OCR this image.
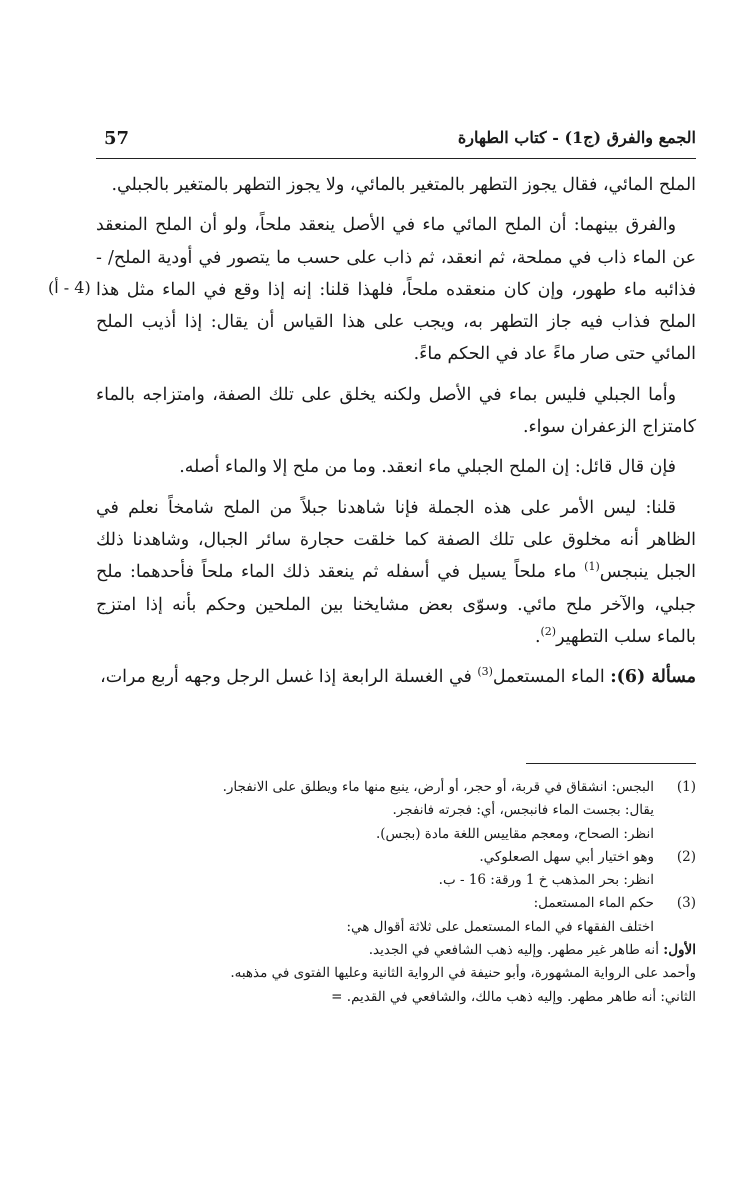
الجمع والفرق (ج1) - كتاب الطهارة
57
(4 - أ)

الملح المائي، فقال يجوز التطهر بالمتغير بالمائي، ولا يجوز التطهر بالمتغير بالجبلي.

والفرق بينهما: أن الملح المائي ماء في الأصل ينعقد ملحاً، ولو أن الملح المنعقد عن الماء ذاب في مملحة، ثم انعقد، ثم ذاب على حسب ما يتصور في أودية الملح/ - فذائبه ماء طهور، وإن كان منعقده ملحاً، فلهذا قلنا: إنه إذا وقع في الماء مثل هذا الملح فذاب فيه جاز التطهر به، ويجب على هذا القياس أن يقال: إذا أذيب الملح المائي حتى صار ماءً عاد في الحكم ماءً.

وأما الجبلي فليس بماء في الأصل ولكنه يخلق على تلك الصفة، وامتزاجه بالماء كامتزاج الزعفران سواء.

فإن قال قائل: إن الملح الجبلي ماء انعقد. وما من ملح إلا والماء أصله.

قلنا: ليس الأمر على هذه الجملة فإنا شاهدنا جبلاً من الملح شامخاً نعلم في الظاهر أنه مخلوق على تلك الصفة كما خلقت حجارة سائر الجبال، وشاهدنا ذلك الجبل ينبجس$^{(1)}$ ماء ملحاً يسيل في أسفله ثم ينعقد ذلك الماء ملحاً فأحدهما: ملح جبلي، والآخر ملح مائي. وسوّى بعض مشايخنا بين الملحين وحكم بأنه إذا امتزج بالماء سلب التطهير$^{(2)}$.

مسألة (6): الماء المستعمل$^{(3)}$ في الغسلة الرابعة إذا غسل الرجل وجهه أربع مرات،

(1)
البجس: انشقاق في قربة، أو حجر، أو أرض، ينبع منها ماء ويطلق على الانفجار.
يقال: بجست الماء فانبجس، أي: فجرته فانفجر.
انظر: الصحاح، ومعجم مقاييس اللغة مادة (بجس).
(2)
وهو اختيار أبي سهل الصعلوكي.
انظر: بحر المذهب خ 1 ورقة: 16 - ب.
(3)
حكم الماء المستعمل:
اختلف الفقهاء في الماء المستعمل على ثلاثة أقوال هي:
الأول: أنه طاهر غير مطهر. وإليه ذهب الشافعي في الجديد.
وأحمد على الرواية المشهورة، وأبو حنيفة في الرواية الثانية وعليها الفتوى في مذهبه.
الثاني: أنه طاهر مطهر. وإليه ذهب مالك، والشافعي في القديم. =
